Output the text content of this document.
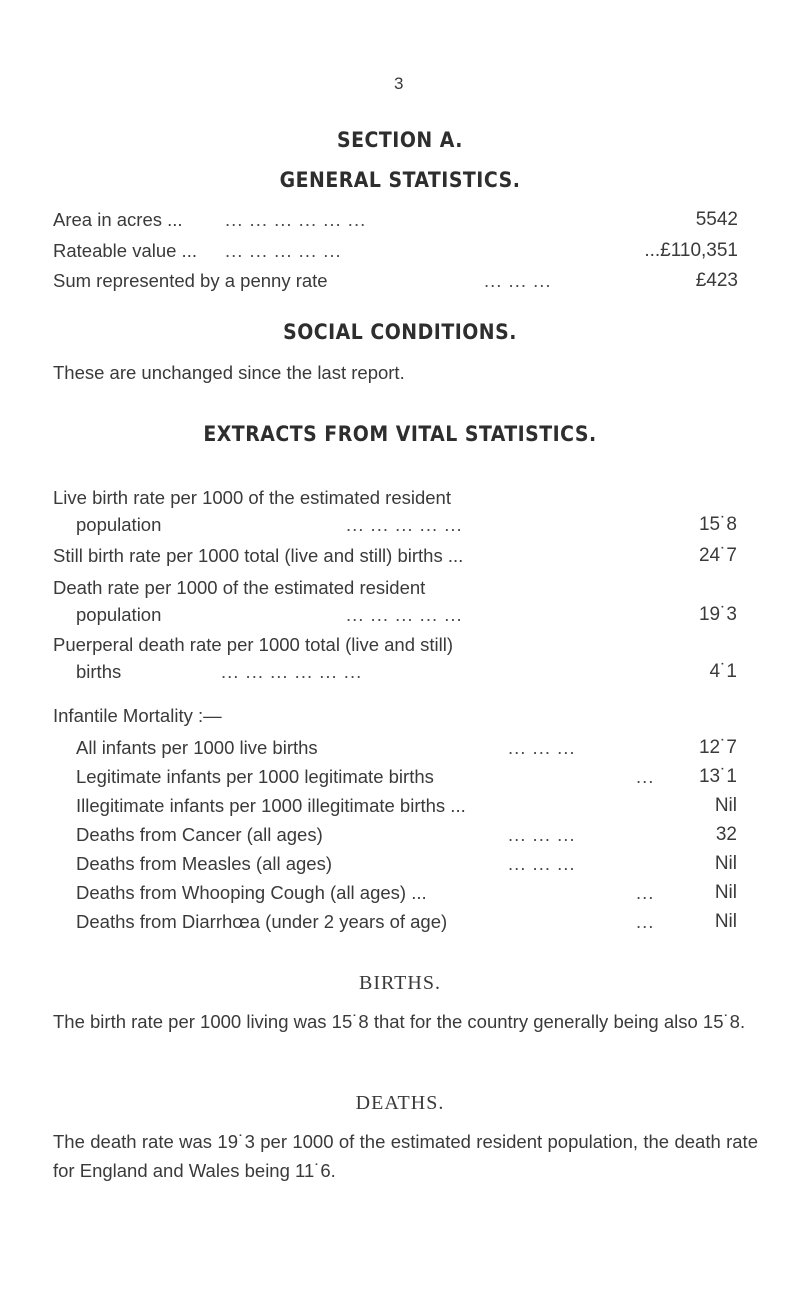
3
SECTION A.
GENERAL STATISTICS.
Area in acres ... ... ... ... ... ... ...	5542
Rateable value ... ... ... ... ... ...	...£110,351
Sum represented by a penny rate	... ... ...	£423
SOCIAL CONDITIONS.
These are unchanged since the last report.
EXTRACTS FROM VITAL STATISTICS.
Live birth rate per 1000 of the estimated resident
population	... ... ... ... ...	15˙8
Still birth rate per 1000 total (live and still) births ...	24˙7
Death rate per 1000 of the estimated resident
population	... ... ... ... ...	19˙3
Puerperal death rate per 1000 total (live and still)
births	... ... ... ... ... ...	4˙1
Infantile Mortality :—
All infants per 1000 live births	... ... ...	12˙7
Legitimate infants per 1000 legitimate births	... 13˙1
Illegitimate infants per 1000 illegitimate births ...	Nil
Deaths from Cancer (all ages)	... ... ...	32
Deaths from Measles (all ages)	... ... ...	Nil
Deaths from Whooping Cough (all ages) ...	...	Nil
Deaths from Diarrhœa (under 2 years of age)	...	Nil
BIRTHS.
The birth rate per 1000 living was 15˙8 that for the country generally being also 15˙8.
DEATHS.
The death rate was 19˙3 per 1000 of the estimated resident population, the death rate for England and Wales being 11˙6.
